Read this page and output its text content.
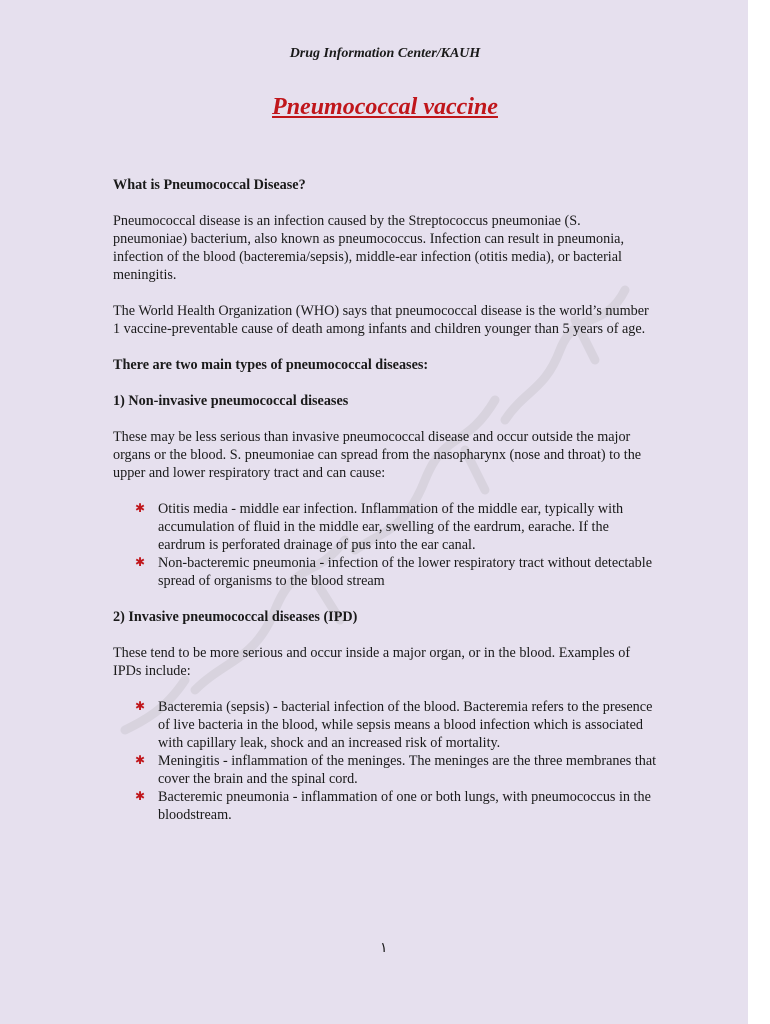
Drug Information Center/KAUH
Pneumococcal vaccine

What is Pneumococcal Disease?

Pneumococcal disease is an infection caused by the Streptococcus pneumoniae (S. pneumoniae) bacterium, also known as pneumococcus. Infection can result in pneumonia, infection of the blood (bacteremia/sepsis), middle-ear infection (otitis media), or bacterial meningitis.

The World Health Organization (WHO) says that pneumococcal disease is the world’s number 1 vaccine-preventable cause of death among infants and children younger than 5 years of age.

There are two main types of pneumococcal diseases:

1) Non-invasive pneumococcal diseases

These may be less serious than invasive pneumococcal disease and occur outside the major organs or the blood. S. pneumoniae can spread from the nasopharynx (nose and throat) to the upper and lower respiratory tract and can cause:

✱ Otitis media - middle ear infection. Inflammation of the middle ear, typically with accumulation of fluid in the middle ear, swelling of the eardrum, earache. If the eardrum is perforated drainage of pus into the ear canal.
✱ Non-bacteremic pneumonia - infection of the lower respiratory tract without detectable spread of organisms to the blood stream

2) Invasive pneumococcal diseases (IPD)

These tend to be more serious and occur inside a major organ, or in the blood. Examples of IPDs include:

✱ Bacteremia (sepsis) - bacterial infection of the blood. Bacteremia refers to the presence of live bacteria in the blood, while sepsis means a blood infection which is associated with capillary leak, shock and an increased risk of mortality.
✱ Meningitis - inflammation of the meninges. The meninges are the three membranes that cover the brain and the spinal cord.
✱ Bacteremic pneumonia - inflammation of one or both lungs, with pneumococcus in the bloodstream.
١
